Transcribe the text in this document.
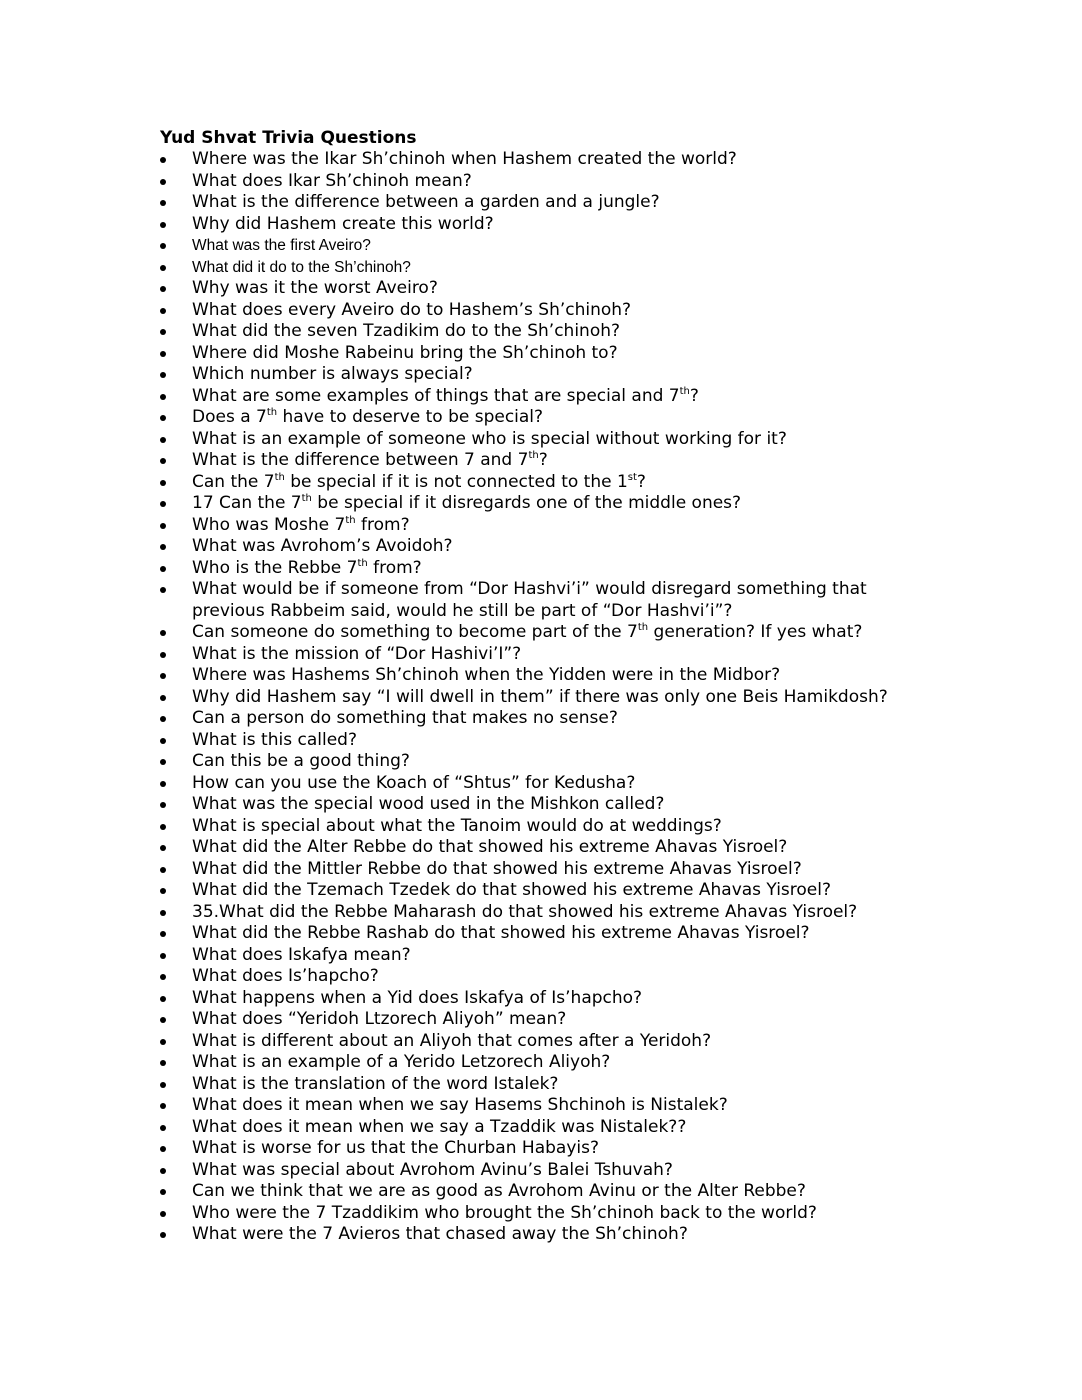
Yud Shvat Trivia Questions
Where was the Ikar Sh’chinoh when Hashem created the world?
What does Ikar Sh’chinoh mean?
What is the difference between a garden and a jungle?
Why did Hashem create this world?
What was the first Aveiro?
What did it do to the Sh’chinoh?
Why was it the worst Aveiro?
What does every Aveiro do to Hashem’s Sh’chinoh?
What did the seven Tzadikim do to the Sh’chinoh?
Where did Moshe Rabeinu bring the Sh’chinoh to?
Which number is always special?
What are some examples of things that are special and 7th?
Does a 7th have to deserve to be special?
What is an example of someone who is special without working for it?
What is the difference between 7 and 7th?
Can the 7th be special if it is not connected to the 1st?
17 Can the 7th be special if it disregards one of the middle ones?
Who was Moshe 7th from?
What was Avrohom’s Avoidoh?
Who is the Rebbe 7th from?
What would be if someone from “Dor Hashvi’i” would disregard something that previous Rabbeim said, would he still be part of “Dor Hashvi’i”?
Can someone do something to become part of the 7th generation? If yes what?
What is the mission of “Dor Hashivi’I”?
Where was Hashems Sh’chinoh when the Yidden were in the Midbor?
Why did Hashem say “I will dwell in them” if there was only one Beis Hamikdosh?
Can a person do something that makes no sense?
What is this called?
Can this be a good thing?
How can you use the Koach of “Shtus” for Kedusha?
What was the special wood used in the Mishkon called?
What is special about what the Tanoim would do at weddings?
What did the Alter Rebbe do that showed his extreme Ahavas Yisroel?
What did the Mittler Rebbe do that showed his extreme Ahavas Yisroel?
What did the Tzemach Tzedek do that showed his extreme Ahavas Yisroel?
35.What did the Rebbe Maharash do that showed his extreme Ahavas Yisroel?
What did the Rebbe Rashab do that showed his extreme Ahavas Yisroel?
What does Iskafya mean?
What does Is’hapcho?
What happens when a Yid does Iskafya of Is’hapcho?
What does “Yeridoh Ltzorech Aliyoh” mean?
What is different about an Aliyoh that comes after a Yeridoh?
What is an example of a Yerido Letzorech Aliyoh?
What is the translation of the word Istalek?
What does it mean when we say Hasems Shchinoh is Nistalek?
What does it mean when we say a Tzaddik was Nistalek??
What is worse for us that the Churban Habayis?
What was special about Avrohom Avinu’s Balei Tshuvah?
Can we think that we are as good as Avrohom Avinu or the Alter Rebbe?
Who were the 7 Tzaddikim who brought the Sh’chinoh back to the world?
What were the 7 Avieros that chased away the Sh’chinoh?
